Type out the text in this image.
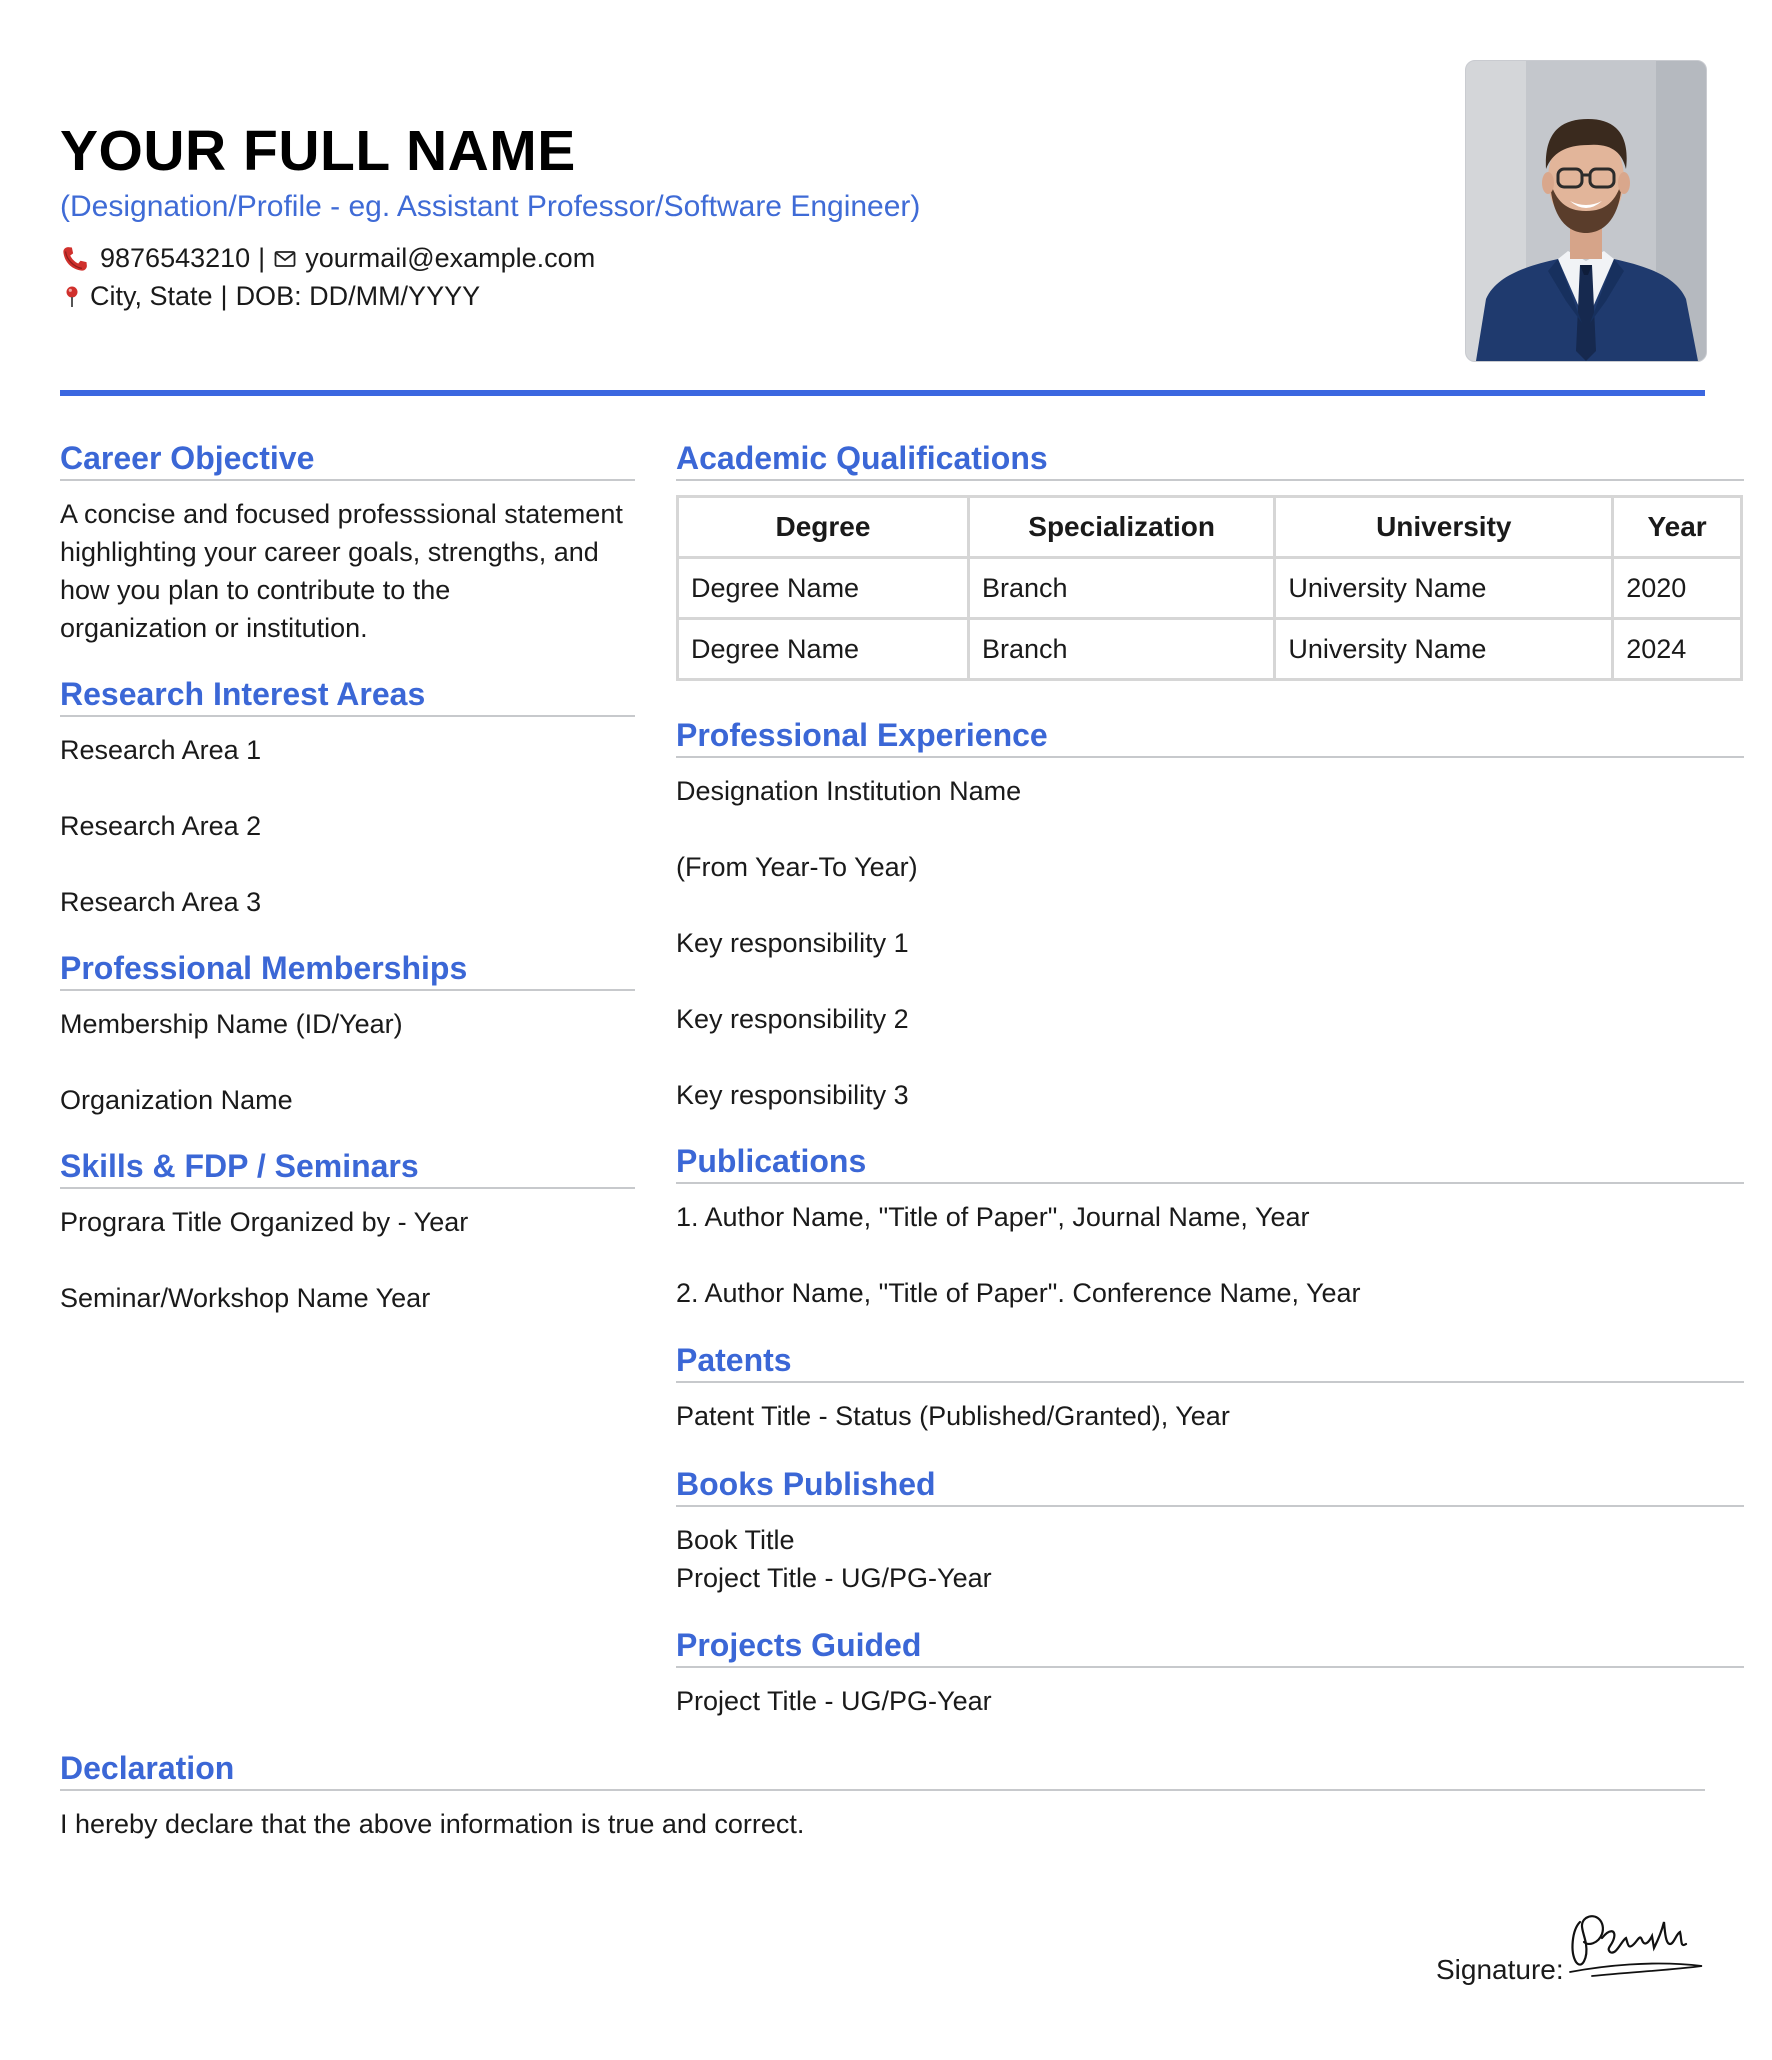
YOUR FULL NAME
(Designation/Profile - eg. Assistant Professor/Software Engineer)
9876543210 | yourmail@example.com
City, State | DOB: DD/MM/YYYY
Career Objective
A concise and focused professsional statement
highlighting your career goals, strengths, and
how you plan to contribute to the
organization or institution.
Research Interest Areas
Research Area 1
Research Area 2
Research Area 3
Professional Memberships
Membership Name (ID/Year)
Organization Name
Skills & FDP / Seminars
Prograra Title Organized by - Year
Seminar/Workshop Name Year
Academic Qualifications
Degree	Specialization	University	Year
Degree Name	Branch	University Name	2020
Degree Name	Branch	University Name	2024
Professional Experience
Designation Institution Name
(From Year-To Year)
Key responsibility 1
Key responsibility 2
Key responsibility 3
Publications
1. Author Name, "Title of Paper", Journal Name, Year
2. Author Name, "Title of Paper". Conference Name, Year
Patents
Patent Title - Status (Published/Granted), Year
Books Published
Book Title
Project Title - UG/PG-Year
Projects Guided
Project Title - UG/PG-Year
Declaration
I hereby declare that the above information is true and correct.
Signature:
